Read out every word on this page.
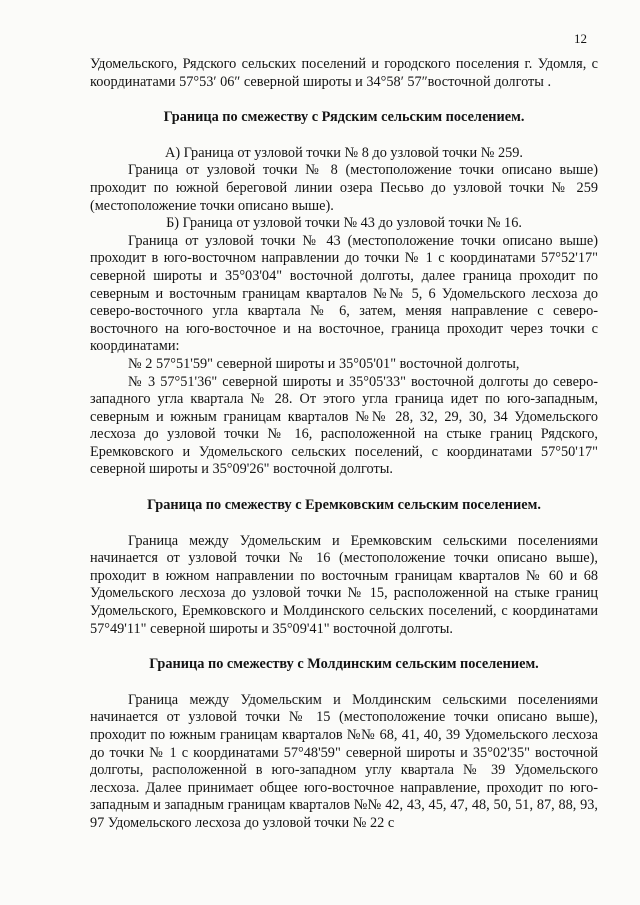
12

Удомельского, Рядского сельских поселений и городского поселения г. Удомля, с координатами 57°53′ 06″ северной широты и 34°58′ 57″восточной долготы .

Граница по смежеству с Рядским сельским поселением.

А) Граница от узловой точки № 8 до узловой точки № 259.

Граница от узловой точки № 8 (местоположение точки описано выше) проходит по южной береговой линии озера Песьво до узловой точки № 259 (местоположение точки описано выше).

Б) Граница от узловой точки № 43 до узловой точки № 16.

Граница от узловой точки № 43 (местоположение точки описано выше) проходит в юго-восточном направлении до точки № 1 с координатами 57°52'17" северной широты и 35°03'04" восточной долготы, далее граница проходит по северным и восточным границам кварталов №№ 5, 6 Удомельского лесхоза до северо-восточного угла квартала № 6, затем, меняя направление с северо-восточного на юго-восточное и на восточное, граница проходит через точки с координатами:

№ 2 57°51'59" северной широты и 35°05'01" восточной долготы,

№ 3 57°51'36" северной широты и 35°05'33" восточной долготы до северо-западного угла квартала № 28. От этого угла граница идет по юго-западным, северным и южным границам кварталов №№ 28, 32, 29, 30, 34 Удомельского лесхоза до узловой точки № 16, расположенной на стыке границ Рядского, Еремковского и Удомельского сельских поселений, с координатами 57°50'17" северной широты и 35°09'26" восточной долготы.

Граница по смежеству с Еремковским сельским поселением.

Граница между Удомельским и Еремковским сельскими поселениями начинается от узловой точки № 16 (местоположение точки описано выше), проходит в южном направлении по восточным границам кварталов № 60 и 68 Удомельского лесхоза до узловой точки № 15, расположенной на стыке границ Удомельского, Еремковского и Молдинского сельских поселений, с координатами 57°49'11" северной широты и 35°09'41" восточной долготы.

Граница по смежеству с Молдинским сельским поселением.

Граница между Удомельским и Молдинским сельскими поселениями начинается от узловой точки № 15 (местоположение точки описано выше), проходит по южным границам кварталов №№ 68, 41, 40, 39 Удомельского лесхоза до точки № 1 с координатами 57°48'59" северной широты и 35°02'35" восточной долготы, расположенной в юго-западном углу квартала № 39 Удомельского лесхоза. Далее принимает общее юго-восточное направление, проходит по юго-западным и западным границам кварталов №№ 42, 43, 45, 47, 48, 50, 51, 87, 88, 93, 97 Удомельского лесхоза до узловой точки № 22 с
